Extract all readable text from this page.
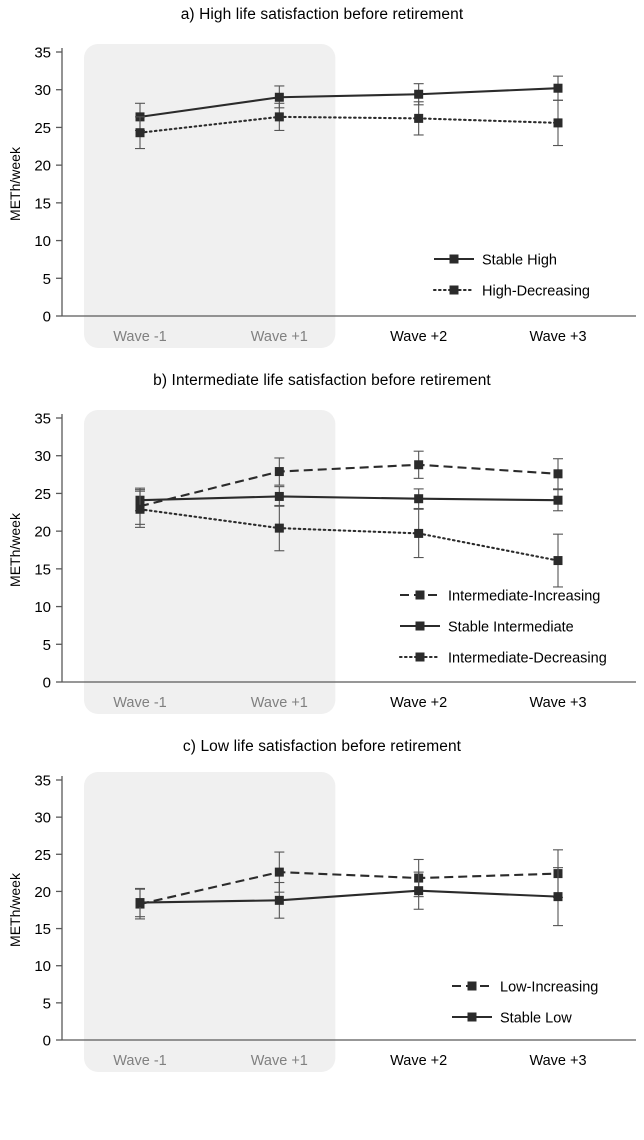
a) High life satisfaction before retirement
0
5
10
15
20
25
30
35
METh/week
Wave -1	Wave +1	Wave +2	Wave +3
Stable High
High-Decreasing
b) Intermediate life satisfaction before retirement
0
5
10
15
20
25
30
35
METh/week
Wave -1	Wave +1	Wave +2	Wave +3
Intermediate-Increasing
Stable Intermediate
Intermediate-Decreasing
c) Low life satisfaction before retirement
0
5
10
15
20
25
30
35
METh/week
Wave -1	Wave +1	Wave +2	Wave +3
Low-Increasing
Stable Low
